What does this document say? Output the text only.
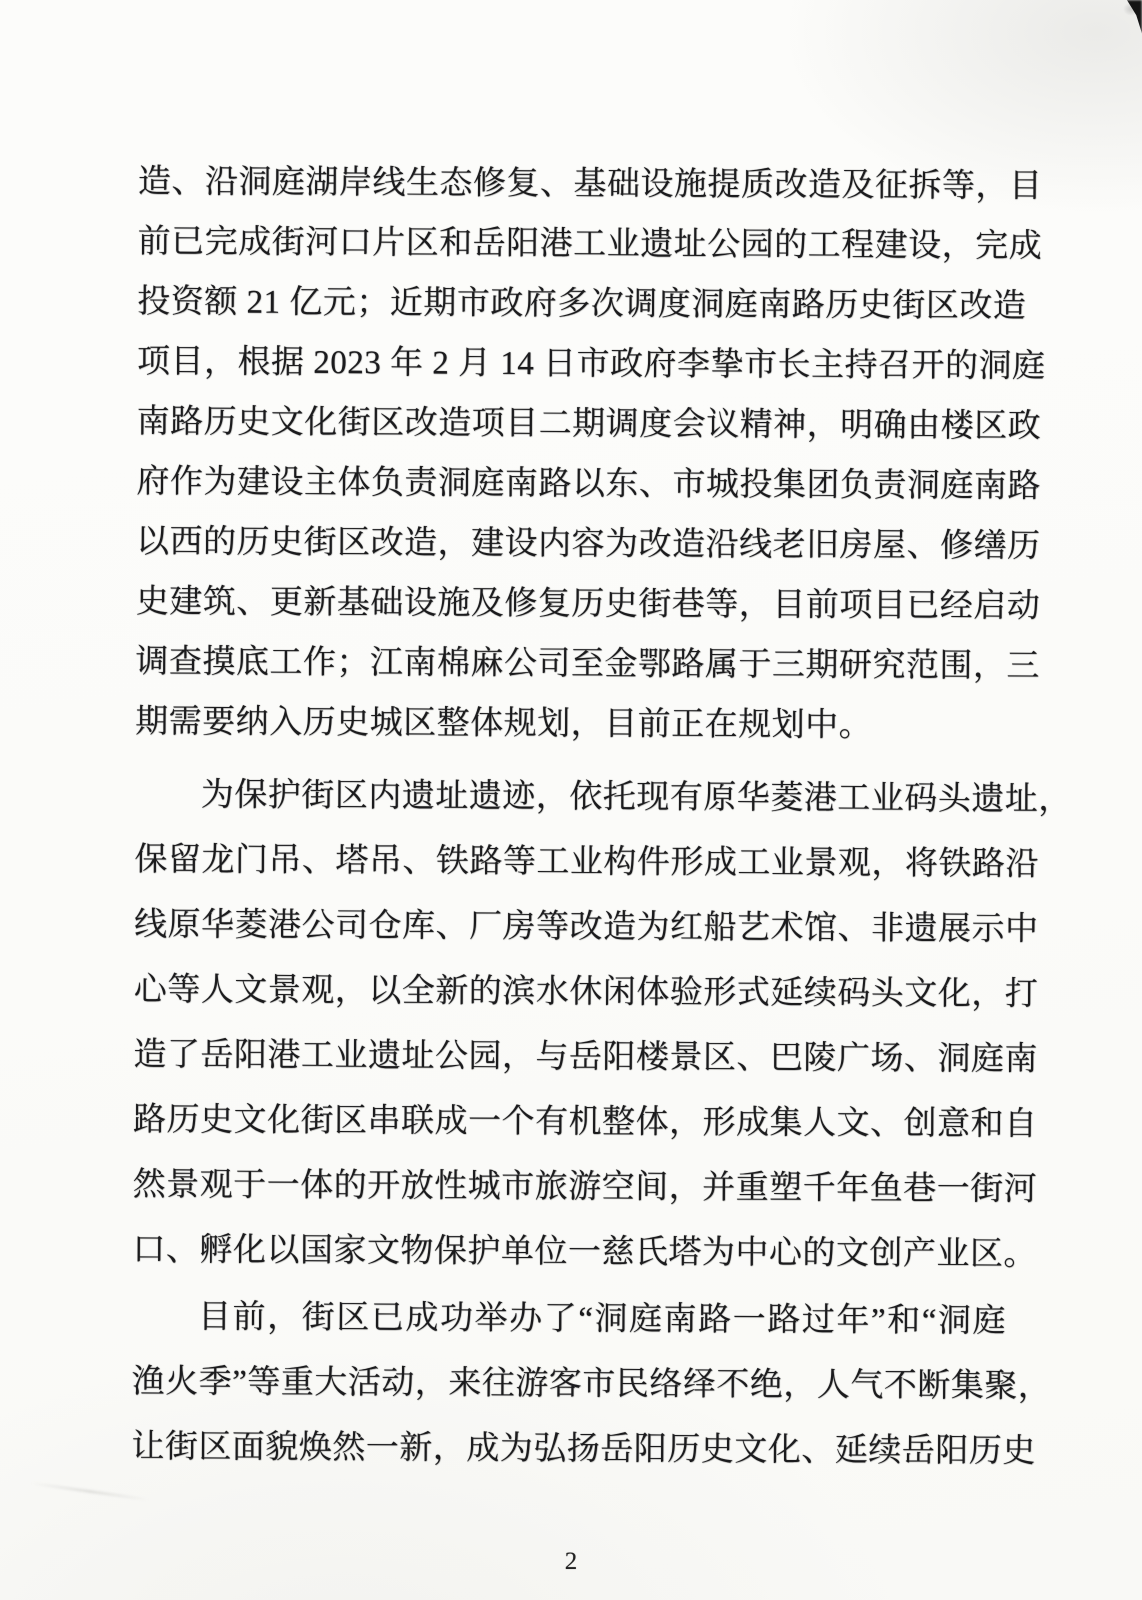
造、沿洞庭湖岸线生态修复、基础设施提质改造及征拆等，目
前已完成街河口片区和岳阳港工业遗址公园的工程建设，完成
投资额 21 亿元；近期市政府多次调度洞庭南路历史街区改造
项目，根据 2023 年 2 月 14 日市政府李挚市长主持召开的洞庭
南路历史文化街区改造项目二期调度会议精神，明确由楼区政
府作为建设主体负责洞庭南路以东、市城投集团负责洞庭南路
以西的历史街区改造，建设内容为改造沿线老旧房屋、修缮历
史建筑、更新基础设施及修复历史街巷等，目前项目已经启动
调查摸底工作；江南棉麻公司至金鄂路属于三期研究范围，三
期需要纳入历史城区整体规划，目前正在规划中。
为保护街区内遗址遗迹，依托现有原华菱港工业码头遗址，
保留龙门吊、塔吊、铁路等工业构件形成工业景观，将铁路沿
线原华菱港公司仓库、厂房等改造为红船艺术馆、非遗展示中
心等人文景观，以全新的滨水休闲体验形式延续码头文化，打
造了岳阳港工业遗址公园，与岳阳楼景区、巴陵广场、洞庭南
路历史文化街区串联成一个有机整体，形成集人文、创意和自
然景观于一体的开放性城市旅游空间，并重塑千年鱼巷一街河
口、孵化以国家文物保护单位一慈氏塔为中心的文创产业区。
目前，街区已成功举办了“洞庭南路一路过年”和“洞庭
渔火季”等重大活动，来往游客市民络绎不绝，人气不断集聚，
让街区面貌焕然一新，成为弘扬岳阳历史文化、延续岳阳历史
2
